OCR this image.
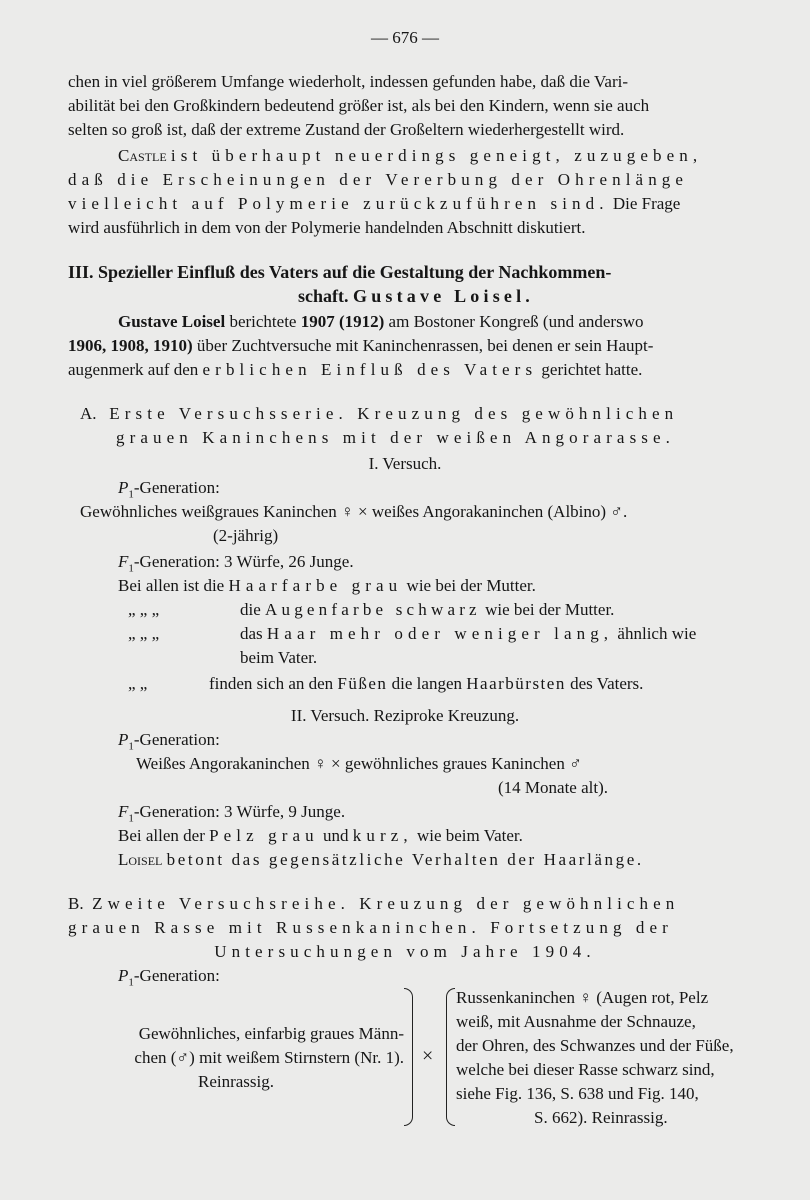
— 676 —
chen in viel größerem Umfange wiederholt, indessen gefunden habe, daß die Vari-
abilität bei den Großkindern bedeutend größer ist, als bei den Kindern, wenn sie auch
selten so groß ist, daß der extreme Zustand der Großeltern wiederhergestellt wird.
Castle ist überhaupt neuerdings geneigt, zuzugeben,
daß die Erscheinungen der Vererbung der Ohrenlänge
vielleicht auf Polymerie zurückzuführen sind. Die Frage
wird ausführlich in dem von der Polymerie handelnden Abschnitt diskutiert.
III. Spezieller Einfluß des Vaters auf die Gestaltung der Nachkommen-
schaft. Gustave Loisel.
Gustave Loisel berichtete 1907 (1912) am Bostoner Kongreß (und anderswo
1906, 1908, 1910) über Zuchtversuche mit Kaninchenrassen, bei denen er sein Haupt-
augenmerk auf den erblichen Einfluß des Vaters gerichtet hatte.
A. Erste Versuchsserie. Kreuzung des gewöhnlichen
grauen Kaninchens mit der weißen Angorarasse.
I. Versuch.
$P_1$-Generation:
Gewöhnliches weißgraues Kaninchen ♀ × weißes Angorakaninchen (Albino) ♂.
(2-jährig)
$F_1$-Generation: 3 Würfe, 26 Junge.
Bei allen ist die Haarfarbe grau wie bei der Mutter.
„ „ „	die Augenfarbe schwarz wie bei der Mutter.
„ „ „	das Haar mehr oder weniger lang, ähnlich wie
beim Vater.
„ „	finden sich an den Füßen die langen Haarbürsten des Vaters.
II. Versuch. Reziproke Kreuzung.
$P_1$-Generation:
Weißes Angorakaninchen ♀ × gewöhnliches graues Kaninchen ♂
(14 Monate alt).
$F_1$-Generation: 3 Würfe, 9 Junge.
Bei allen der Pelz grau und kurz, wie beim Vater.
Loisel betont das gegensätzliche Verhalten der Haarlänge.
B. Zweite Versuchsreihe. Kreuzung der gewöhnlichen
grauen Rasse mit Russenkaninchen. Fortsetzung der
Untersuchungen vom Jahre 1904.
$P_1$-Generation:
Gewöhnliches, einfarbig graues Männ-
chen (♂) mit weißem Stirnstern (Nr. 1).
Reinrassig.
×
Russenkaninchen ♀ (Augen rot, Pelz
weiß, mit Ausnahme der Schnauze,
der Ohren, des Schwanzes und der Füße,
welche bei dieser Rasse schwarz sind,
siehe Fig. 136, S. 638 und Fig. 140,
S. 662). Reinrassig.
